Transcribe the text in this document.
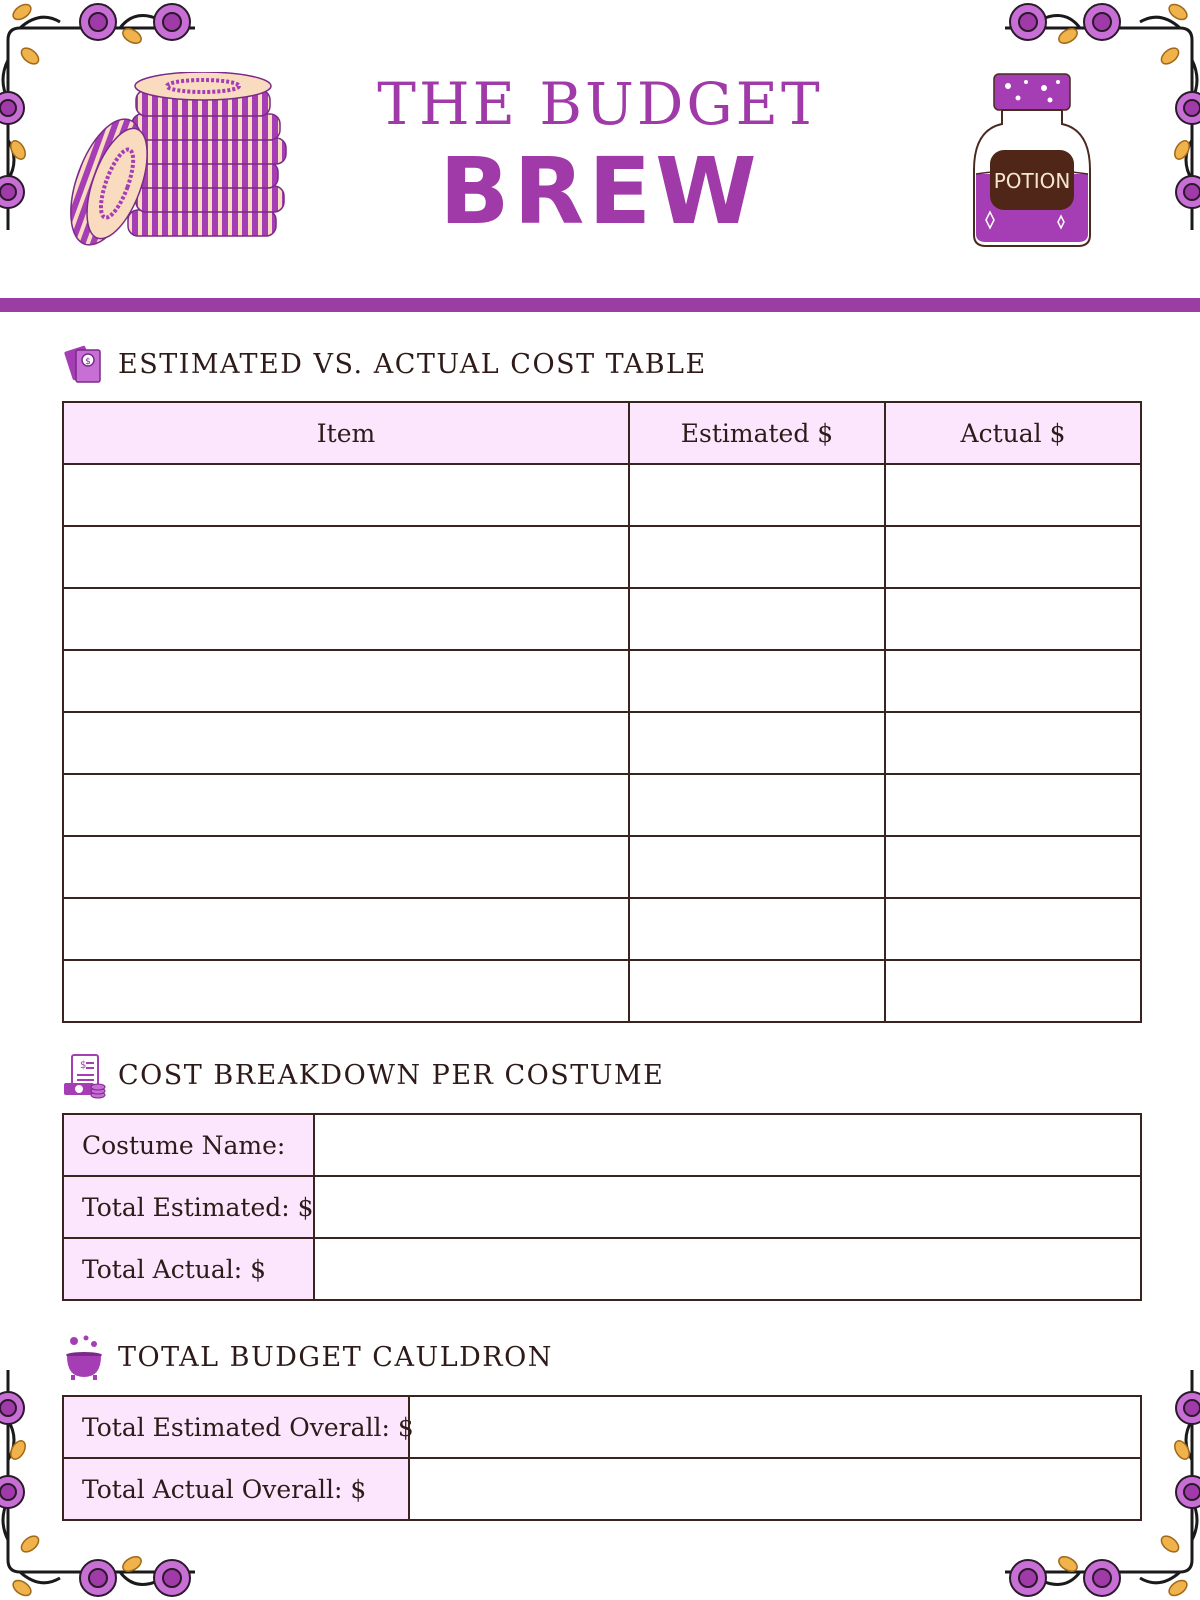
POTION
THE BUDGET
BREW
$ ESTIMATED VS. ACTUAL COST TABLE
Item	Estimated $	Actual $

$ COST BREAKDOWN PER COSTUME
Costume Name:	
Total Estimated: $	
Total Actual: $	
TOTAL BUDGET CAULDRON
Total Estimated Overall: $	
Total Actual Overall: $	
